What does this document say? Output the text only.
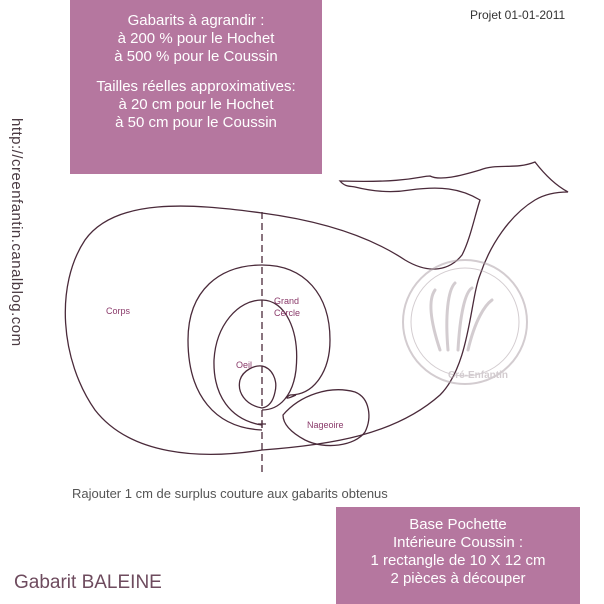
Corps
Grand
Cercle
Oeil
Nageoire
Cré-Enfantin
Gabarits à agrandir :
à 200 % pour le Hochet
à 500 % pour le Coussin
Tailles réelles approximatives:
à 20 cm pour le Hochet
à 50 cm pour le Coussin
Projet 01-01-2011
http://creenfantin.canalblog.com
Rajouter 1 cm de surplus couture aux gabarits obtenus
Base Pochette
Intérieure Coussin :
1 rectangle de 10 X 12 cm
2 pièces à découper
Gabarit BALEINE
